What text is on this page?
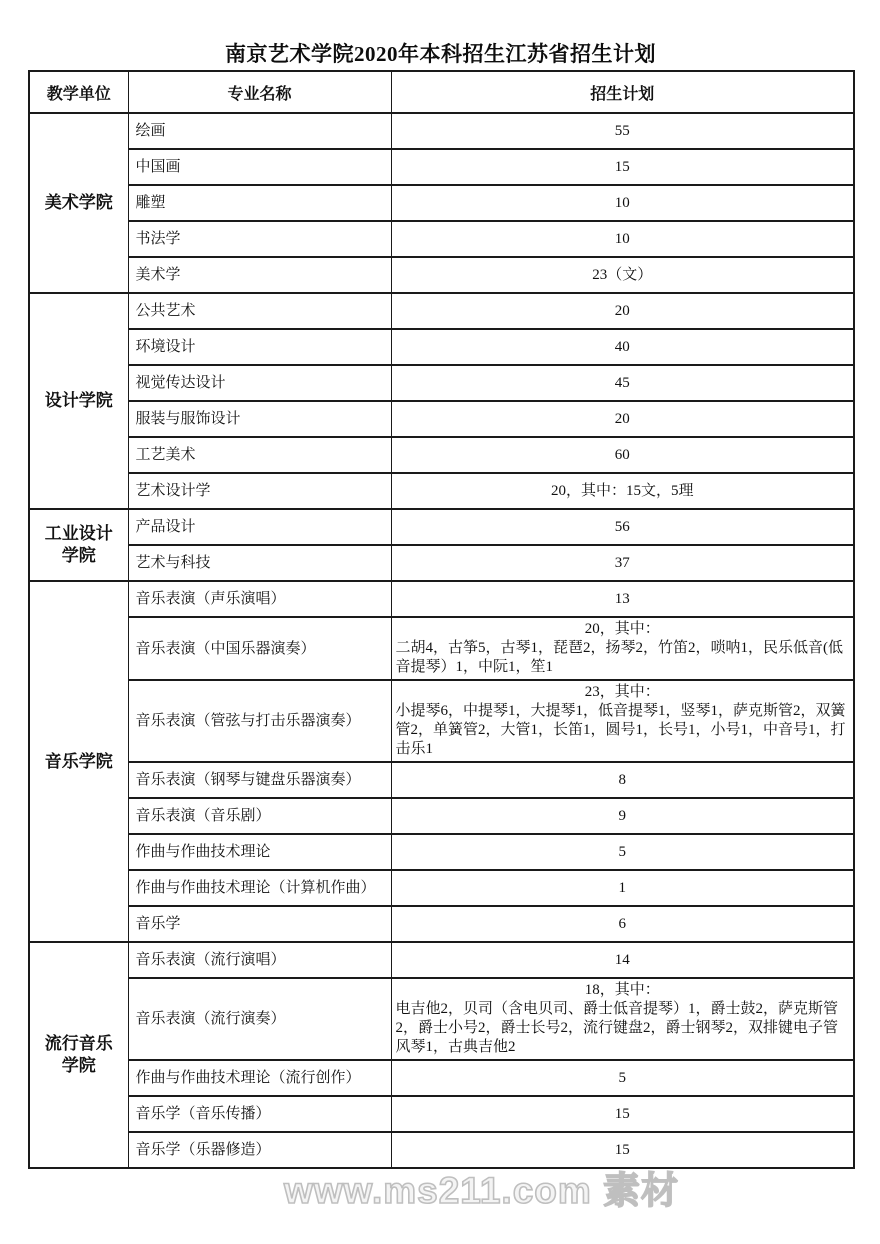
南京艺术学院2020年本科招生江苏省招生计划
教学单位	专业名称	招生计划
美术学院	绘画	55
	中国画	15
	雕塑	10
	书法学	10
	美术学	23（文）
设计学院	公共艺术	20
	环境设计	40
	视觉传达设计	45
	服装与服饰设计	20
	工艺美术	60
	艺术设计学	20，其中：15文，5理
工业设计学院	产品设计	56
	艺术与科技	37
音乐学院	音乐表演（声乐演唱）	13
	音乐表演（中国乐器演奏）	20，其中：
二胡4，古筝5，古琴1，琵琶2，扬琴2，竹笛2，唢呐1，民乐低音(低音提琴）1，中阮1，笙1

	音乐表演（管弦与打击乐器演奏）	23，其中：
小提琴6，中提琴1，大提琴1，低音提琴1，竖琴1，萨克斯管2，双簧管2，单簧管2，大管1，长笛1，圆号1，长号1，小号1，中音号1，打击乐1

	音乐表演（钢琴与键盘乐器演奏）	8
	音乐表演（音乐剧）	9
	作曲与作曲技术理论	5
	作曲与作曲技术理论（计算机作曲）	1
	音乐学	6
流行音乐学院	音乐表演（流行演唱）	14
	音乐表演（流行演奏）	18，其中：
电吉他2，贝司（含电贝司、爵士低音提琴）1，爵士鼓2，萨克斯管2，爵士小号2，爵士长号2，流行键盘2，爵士钢琴2，双排键电子管风琴1，古典吉他2

	作曲与作曲技术理论（流行创作）	5
	音乐学（音乐传播）	15
	音乐学（乐器修造）	15
www.ms211.com 素材
